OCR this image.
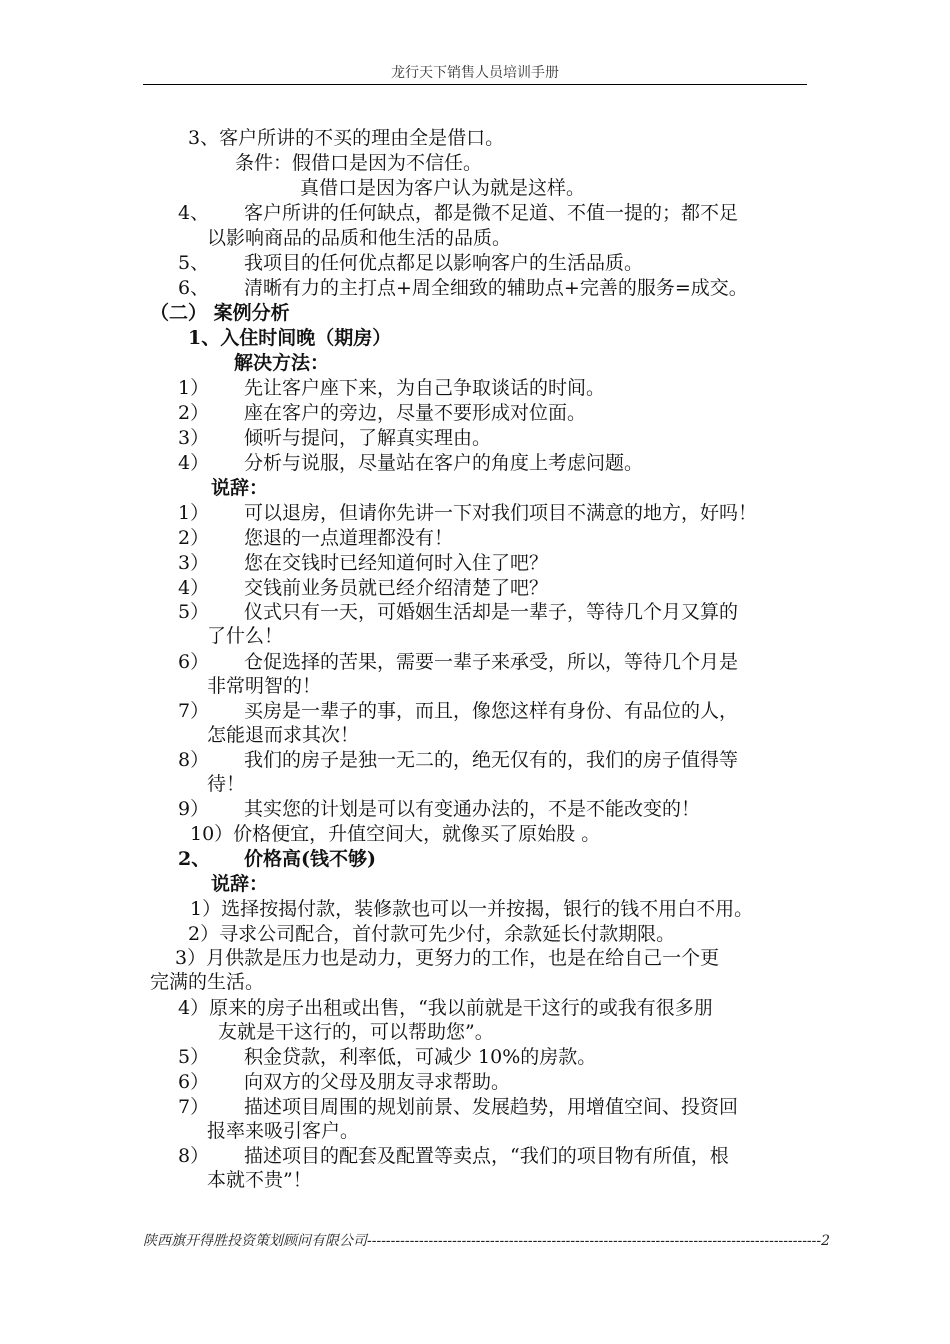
龙行天下销售人员培训手册
3、客户所讲的不买的理由全是借口。
条件：假借口是因为不信任。
真借口是因为客户认为就是这样。
4、 客户所讲的任何缺点，都是微不足道、不值一提的；都不足
以影响商品的品质和他生活的品质。
5、 我项目的任何优点都足以影响客户的生活品质。
6、 清晰有力的主打点+周全细致的辅助点+完善的服务=成交。
（二） 案例分析
1、入住时间晚（期房）
解决方法：
1） 先让客户座下来，为自己争取谈话的时间。
2） 座在客户的旁边，尽量不要形成对位面。
3） 倾听与提问，了解真实理由。
4） 分析与说服，尽量站在客户的角度上考虑问题。
说辞：
1） 可以退房，但请你先讲一下对我们项目不满意的地方，好吗！
2） 您退的一点道理都没有！
3） 您在交钱时已经知道何时入住了吧？
4） 交钱前业务员就已经介绍清楚了吧？
5） 仪式只有一天，可婚姻生活却是一辈子，等待几个月又算的
了什么！
6） 仓促选择的苦果，需要一辈子来承受，所以，等待几个月是
非常明智的！
7） 买房是一辈子的事，而且，像您这样有身份、有品位的人，
怎能退而求其次！
8） 我们的房子是独一无二的，绝无仅有的，我们的房子值得等
待！
9） 其实您的计划是可以有变通办法的，不是不能改变的！
10）价格便宜，升值空间大，就像买了原始股 。
2、 价格高(钱不够)
说辞：
1）选择按揭付款，装修款也可以一并按揭，银行的钱不用白不用。
2）寻求公司配合，首付款可先少付，余款延长付款期限。
3）月供款是压力也是动力，更努力的工作，也是在给自己一个更
完满的生活。
4）原来的房子出租或出售，“我以前就是干这行的或我有很多朋
友就是干这行的，可以帮助您”。
5） 积金贷款，利率低，可减少 10%的房款。
6） 向双方的父母及朋友寻求帮助。
7） 描述项目周围的规划前景、发展趋势，用增值空间、投资回
报率来吸引客户。
8） 描述项目的配套及配置等卖点，“我们的项目物有所值，根
本就不贵”！
陕西旗开得胜投资策划顾问有限公司------------------------------------------------------------------------------------------------2
